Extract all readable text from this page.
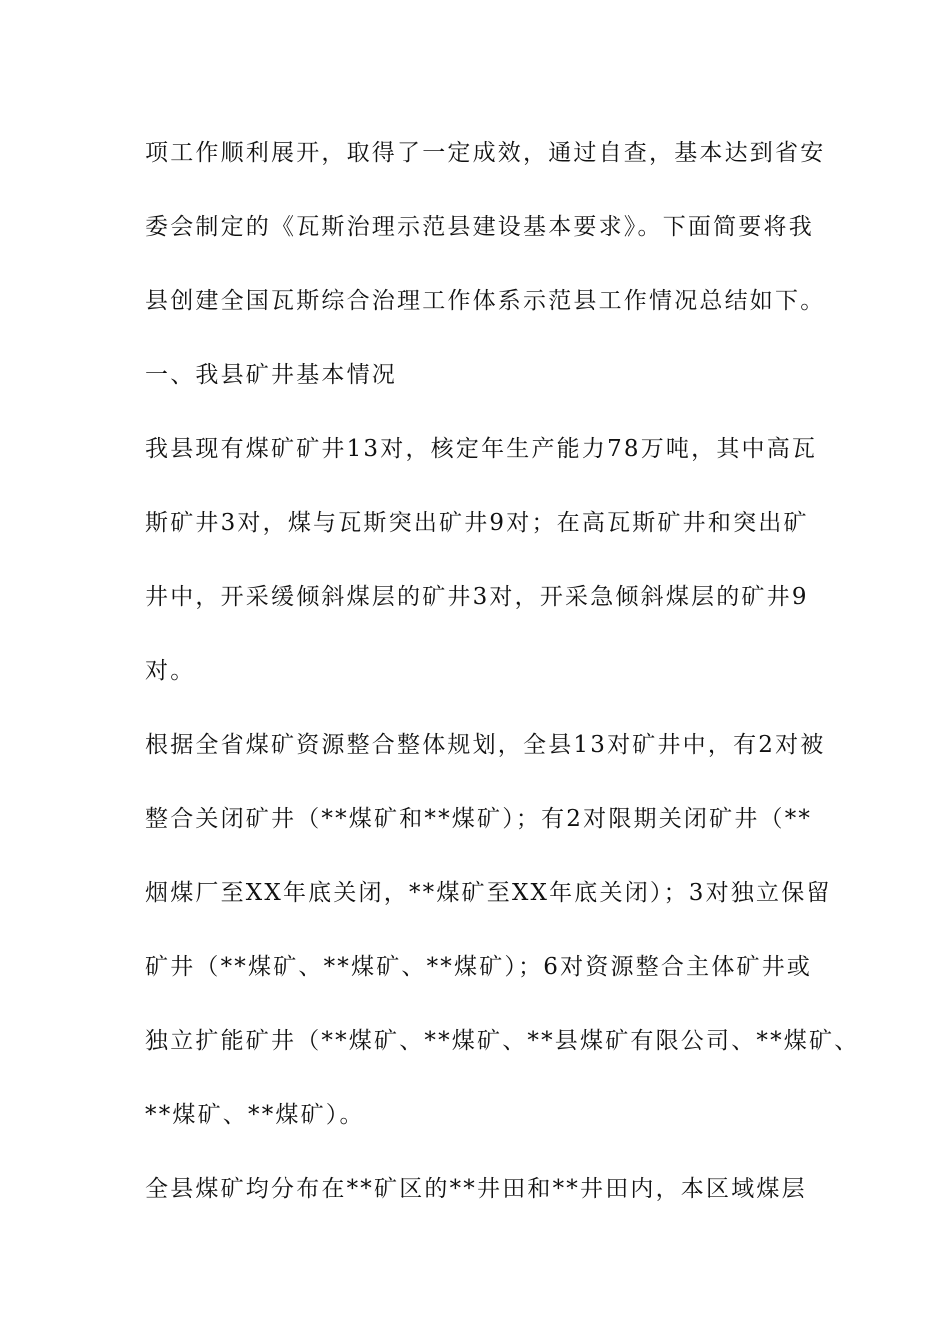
项工作顺利展开，取得了一定成效，通过自查，基本达到省安
委会制定的《瓦斯治理示范县建设基本要求》。下面简要将我
县创建全国瓦斯综合治理工作体系示范县工作情况总结如下。
一、我县矿井基本情况
我县现有煤矿矿井13对，核定年生产能力78万吨，其中高瓦
斯矿井3对，煤与瓦斯突出矿井9对；在高瓦斯矿井和突出矿
井中，开采缓倾斜煤层的矿井3对，开采急倾斜煤层的矿井9
对。
根据全省煤矿资源整合整体规划，全县13对矿井中，有2对被
整合关闭矿井（**煤矿和**煤矿）；有2对限期关闭矿井（**
烟煤厂至XX年底关闭，**煤矿至XX年底关闭）；3对独立保留
矿井（**煤矿、**煤矿、**煤矿）；6对资源整合主体矿井或
独立扩能矿井（**煤矿、**煤矿、**县煤矿有限公司、**煤矿、
**煤矿、**煤矿）。
全县煤矿均分布在**矿区的**井田和**井田内，本区域煤层
